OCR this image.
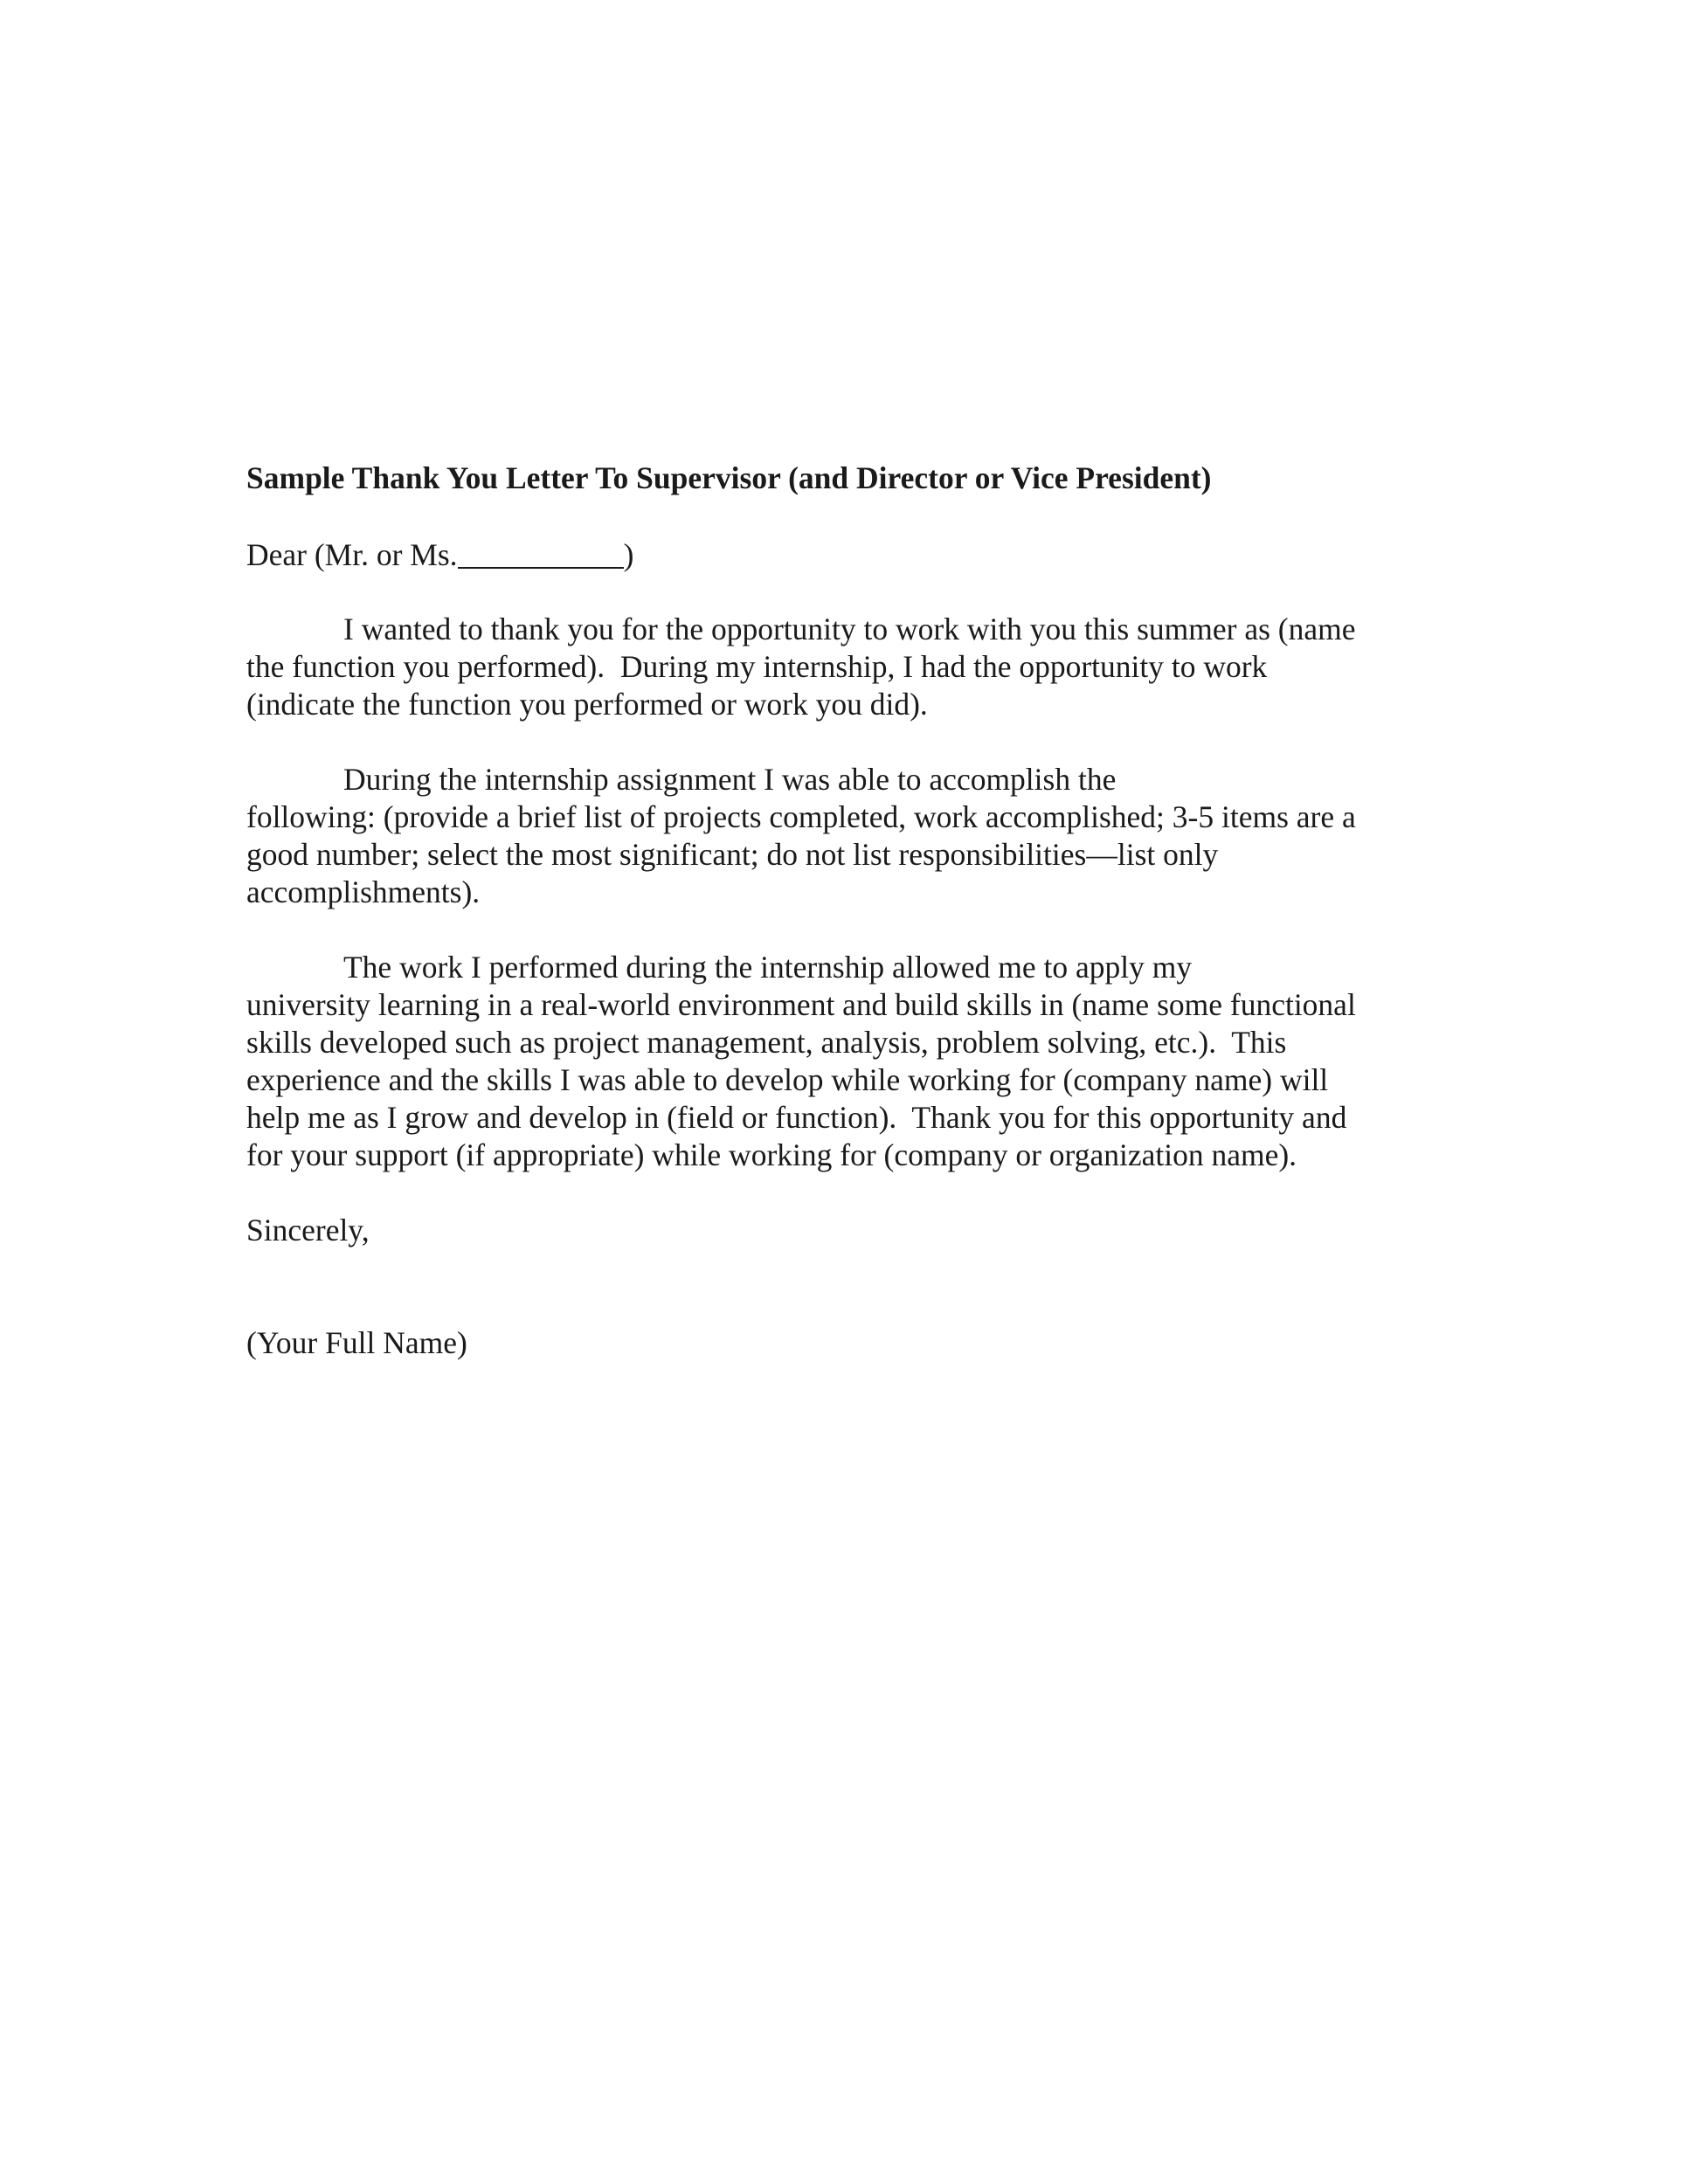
Sample Thank You Letter To Supervisor (and Director or Vice President)
Dear (Mr. or Ms.	)
I wanted to thank you for the opportunity to work with you this summer as (name
the function you performed).  During my internship, I had the opportunity to work
(indicate the function you performed or work you did).
During the internship assignment I was able to accomplish the
following: (provide a brief list of projects completed, work accomplished; 3-5 items are a
good number; select the most significant; do not list responsibilities—list only
accomplishments).
The work I performed during the internship allowed me to apply my
university learning in a real-world environment and build skills in (name some functional
skills developed such as project management, analysis, problem solving, etc.).  This
experience and the skills I was able to develop while working for (company name) will
help me as I grow and develop in (field or function).  Thank you for this opportunity and
for your support (if appropriate) while working for (company or organization name).
Sincerely,
(Your Full Name)
